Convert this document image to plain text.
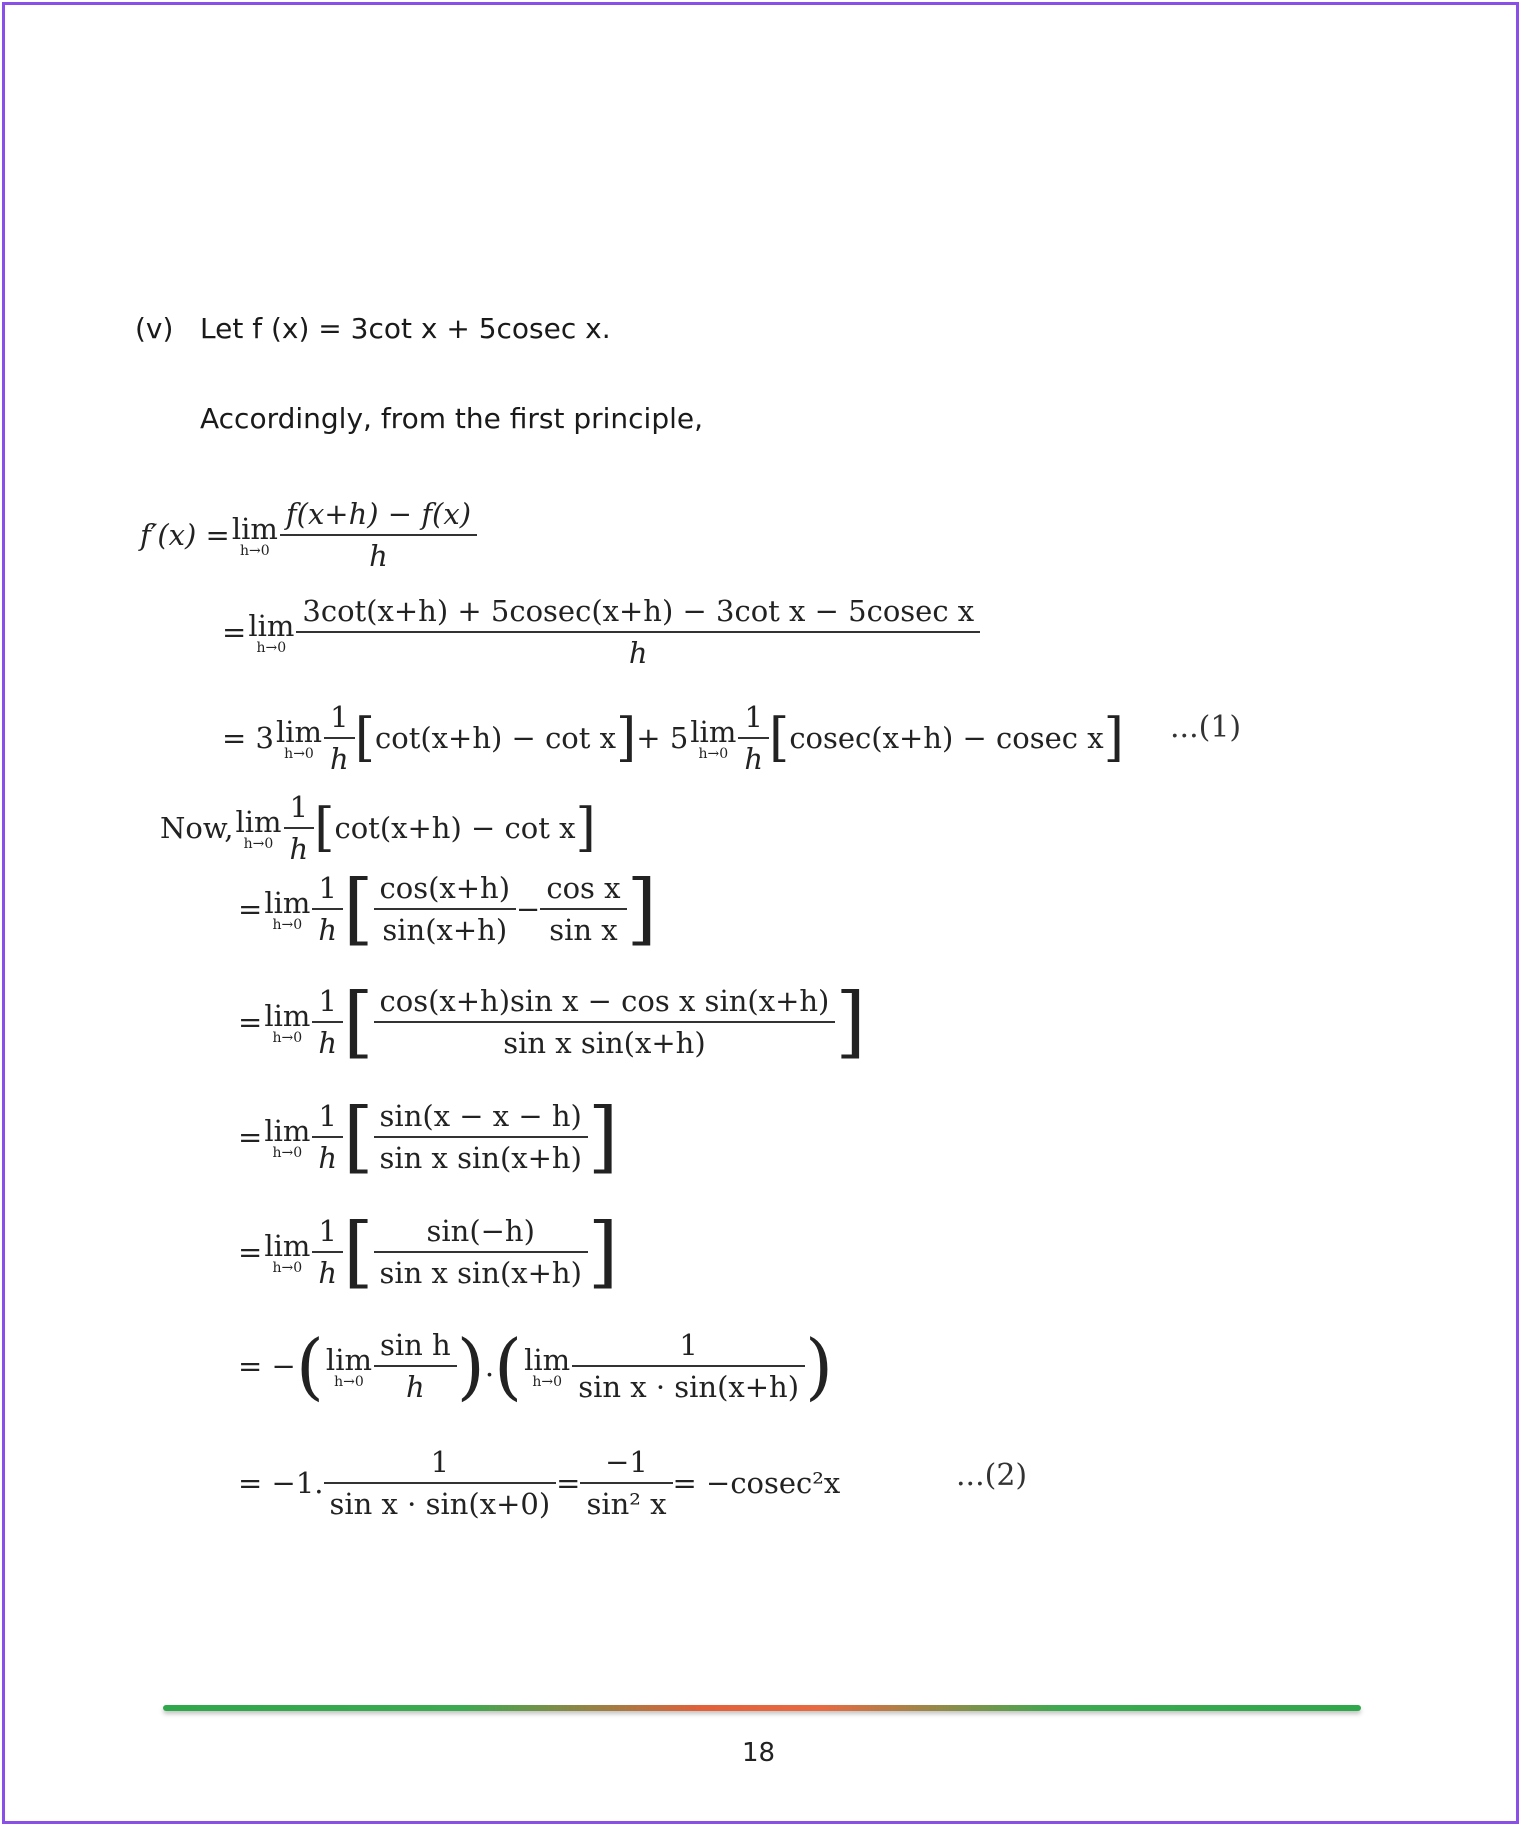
(v) Let f (x) = 3cot x + 5cosec x.
Accordingly, from the first principle,
f′(x) = lim
$h\to 0 \frac{f(x+h) - f(x)}{h}$
= lim
$h\to 0 \frac{\text{3cot(x+h) + 5cosec(x+h) − 3cot x − 5cosec x}}{h}$
= 3 lim
$h\to 0 \frac{1}{h}$ [ cot(x+h) − cot x ] + 5 lim
$h\to 0 \frac{1}{h}$ [ cosec(x+h) − cosec x ] ...(1)
Now, lim
$h\to 0 \frac{1}{h}$ [ cot(x+h) − cot x ]
= lim
$h\to 0 \frac{1}{h}$ [ $\frac{\cos(x+h)}{\sin(x+h)} - \frac{\text{cos x}}{\text{sin x}}$ ]
= lim
$h\to 0 \frac{1}{h}$ [ $\frac{\text{cos(x+h)sin x − cos x sin(x+h)}}{\text{sin x sin(x+h)}}$ ]
= lim
$h\to 0 \frac{1}{h}$ [ $\frac{\sin(x - x - h)}{\text{sin x sin(x+h)}}$ ]
= lim
$h\to 0 \frac{1}{h}$ [ $\frac{\sin(-h)}{\text{sin x sin(x+h)}}$ ]
= − ( lim
$h\to 0 \frac{\text{sin h}}{h}$ ) . ( lim
$h\to 0 \frac{1}{\text{sin x · sin(x+h)}}$ )
= −1. $\frac{1}{\text{sin x · sin(x+0)}} = \frac{-1}{\text{sin² x}} = -cosec^2x$	...(2)
18
